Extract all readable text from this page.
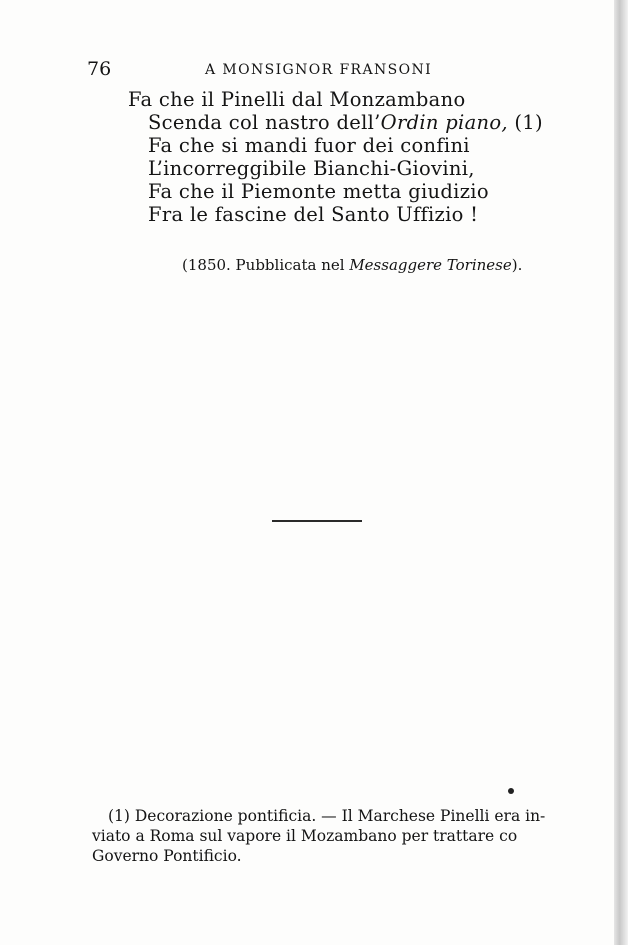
76	A MONSIGNOR FRANSONI
Fa che il Pinelli dal Monzambano
Scenda col nastro dell’Ordin piano, (1)
Fa che si mandi fuor dei confini
L’incorreggibile Bianchi-Giovini,
Fa che il Piemonte metta giudizio
Fra le fascine del Santo Uffizio !
(1850. Pubblicata nel Messaggere Torinese).
(1) Decorazione pontificia. — Il Marchese Pinelli era in-
viato a Roma sul vapore il Mozambano per trattare co
Governo Pontificio.
